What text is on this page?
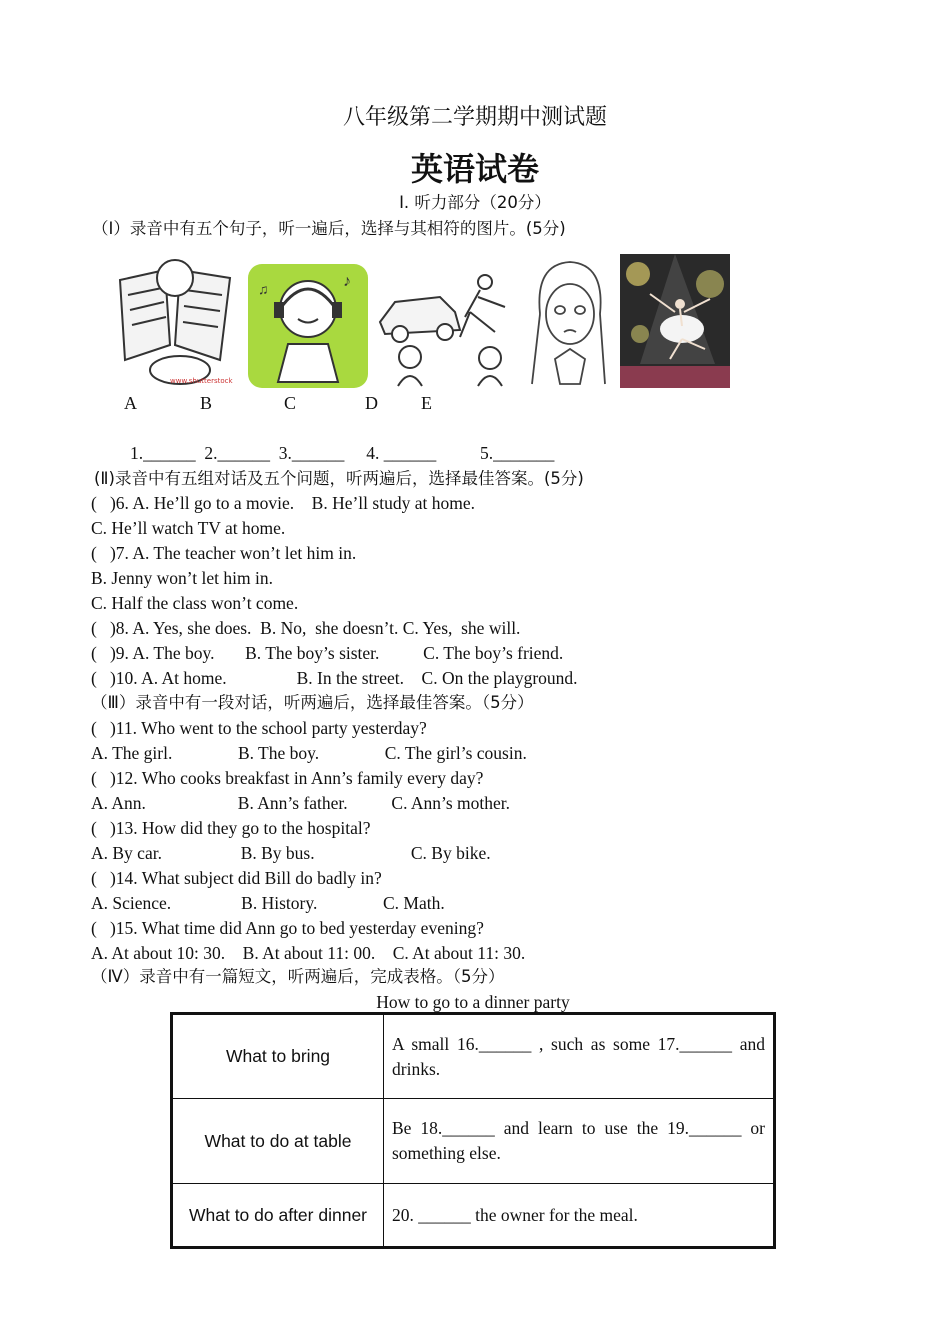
八年级第二学期期中测试题
英语试卷
I. 听力部分（20分）
（Ⅰ）录音中有五个句子，听一遍后，选择与其相符的图片。(5分)
www.shutterstock
♪
♫
A	B	C	D E
1.______  2.______  3.______     4. ______          5._______
(Ⅱ)录音中有五组对话及五个问题，听两遍后，选择最佳答案。(5分)
(   )6. A. He’ll go to a movie.    B. He’ll study at home.
C. He’ll watch TV at home.
(   )7. A. The teacher won’t let him in.
B. Jenny won’t let him in.
C. Half the class won’t come.
(   )8. A. Yes, she does.  B. No,  she doesn’t. C. Yes,  she will.
(   )9. A. The boy.       B. The boy’s sister.          C. The boy’s friend.
(   )10. A. At home.                B. In the street.    C. On the playground.
（Ⅲ）录音中有一段对话，听两遍后，选择最佳答案。（5分）
(   )11. Who went to the school party yesterday?
A. The girl.               B. The boy.               C. The girl’s cousin.
(   )12. Who cooks breakfast in Ann’s family every day?
A. Ann.                     B. Ann’s father.          C. Ann’s mother.
(   )13. How did they go to the hospital?
A. By car.                  B. By bus.                      C. By bike.
(   )14. What subject did Bill do badly in?
A. Science.                B. History.               C. Math.
(   )15. What time did Ann go to bed yesterday evening?
A. At about 10: 30.    B. At about 11: 00.    C. At about 11: 30.
（Ⅳ）录音中有一篇短文，听两遍后，完成表格。（5分）
How to go to a dinner party
What to bring	A small 16.______ , such as some 17.______ and drinks.
What to do at table	Be 18.______ and learn to use the 19.______ or something else.
What to do after dinner	20. ______ the owner for the meal.
